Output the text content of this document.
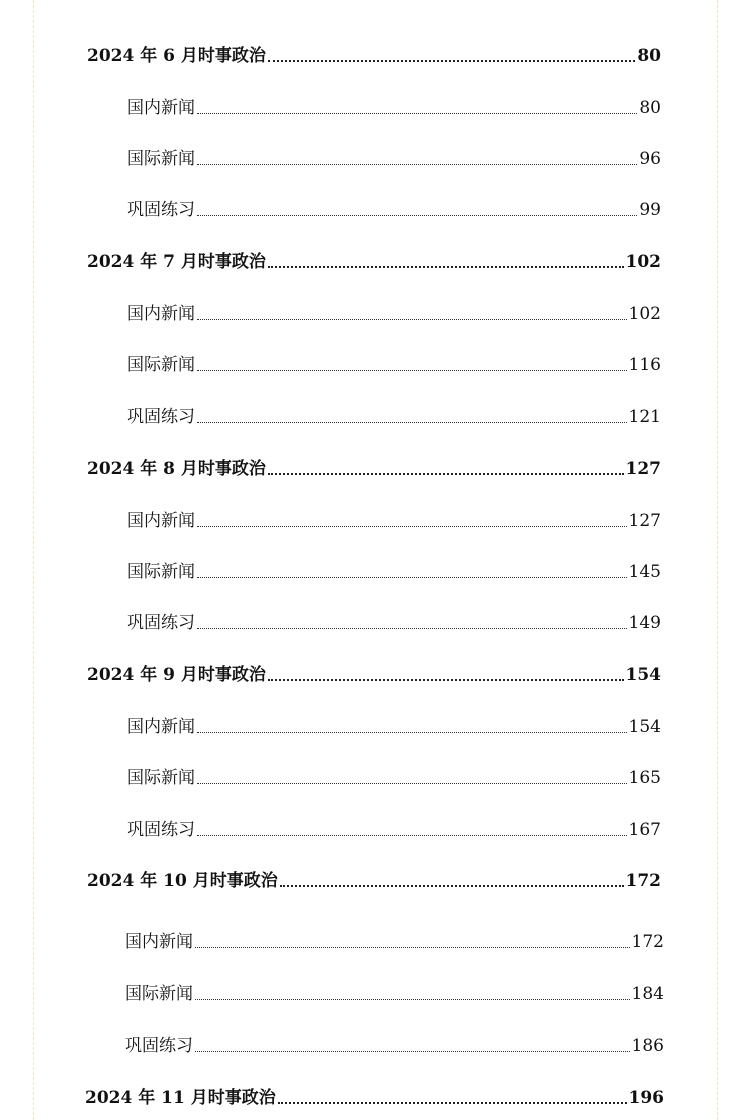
2024 年 6 月时事政治	80
国内新闻	80
国际新闻	96
巩固练习	99
2024 年 7 月时事政治	102
国内新闻	102
国际新闻	116
巩固练习	121
2024 年 8 月时事政治	127
国内新闻	127
国际新闻	145
巩固练习	149
2024 年 9 月时事政治	154
国内新闻	154
国际新闻	165
巩固练习	167
2024 年 10 月时事政治	172
国内新闻	172
国际新闻	184
巩固练习	186
2024 年 11 月时事政治	196
